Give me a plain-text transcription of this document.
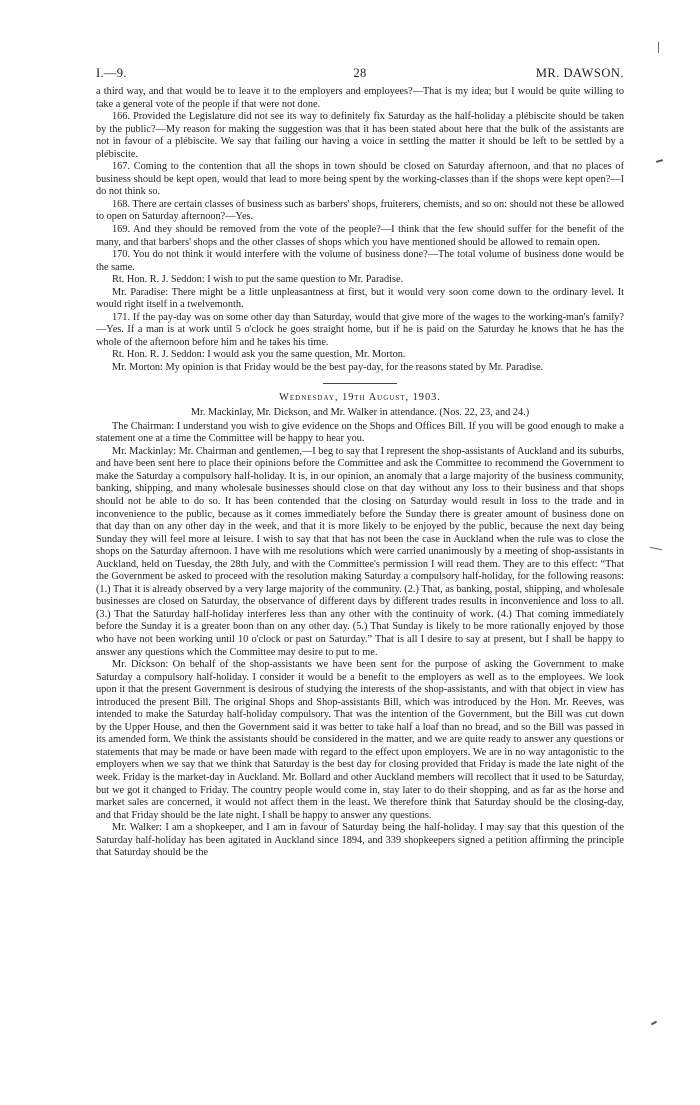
I.—9.	28	MR. DAWSON.

a third way, and that would be to leave it to the employers and employees?—That is my idea; but I would be quite willing to take a general vote of the people if that were not done.

166. Provided the Legislature did not see its way to definitely fix Saturday as the half-holiday a plébiscite should be taken by the public?—My reason for making the suggestion was that it has been stated about here that the bulk of the assistants are not in favour of a plébiscite. We say that failing our having a voice in settling the matter it should be left to be settled by a plébiscite.

167. Coming to the contention that all the shops in town should be closed on Saturday afternoon, and that no places of business should be kept open, would that lead to more being spent by the working-classes than if the shops were kept open?—I do not think so.

168. There are certain classes of business such as barbers' shops, fruiterers, chemists, and so on: should not these be allowed to open on Saturday afternoon?—Yes.

169. And they should be removed from the vote of the people?—I think that the few should suffer for the benefit of the many, and that barbers' shops and the other classes of shops which you have mentioned should be allowed to remain open.

170. You do not think it would interfere with the volume of business done?—The total volume of business done would be the same.

Rt. Hon. R. J. Seddon: I wish to put the same question to Mr. Paradise.

Mr. Paradise: There might be a little unpleasantness at first, but it would very soon come down to the ordinary level. It would right itself in a twelvemonth.

171. If the pay-day was on some other day than Saturday, would that give more of the wages to the working-man's family?—Yes. If a man is at work until 5 o'clock he goes straight home, but if he is paid on the Saturday he knows that he has the whole of the afternoon before him and he takes his time.

Rt. Hon. R. J. Seddon: I would ask you the same question, Mr. Morton.

Mr. Morton: My opinion is that Friday would be the best pay-day, for the reasons stated by Mr. Paradise.

Wednesday, 19th August, 1903.

Mr. Mackinlay, Mr. Dickson, and Mr. Walker in attendance. (Nos. 22, 23, and 24.)

The Chairman: I understand you wish to give evidence on the Shops and Offices Bill. If you will be good enough to make a statement one at a time the Committee will be happy to hear you.

Mr. Mackinlay: Mr. Chairman and gentlemen,—I beg to say that I represent the shop-assistants of Auckland and its suburbs, and have been sent here to place their opinions before the Committee and ask the Committee to recommend the Government to make the Saturday a compulsory half-holiday. It is, in our opinion, an anomaly that a large majority of the business community, banking, shipping, and many wholesale businesses should close on that day without any loss to their business and that shops should not be able to do so. It has been contended that the closing on Saturday would result in loss to the trade and in inconvenience to the public, because as it comes immediately before the Sunday there is greater amount of business done on that day than on any other day in the week, and that it is more likely to be enjoyed by the public, because the next day being Sunday they will feel more at leisure. I wish to say that that has not been the case in Auckland when the rule was to close the shops on the Saturday afternoon. I have with me resolutions which were carried unanimously by a meeting of shop-assistants in Auckland, held on Tuesday, the 28th July, and with the Committee's permission I will read them. They are to this effect: “That the Government be asked to proceed with the resolution making Saturday a compulsory half-holiday, for the following reasons: (1.) That it is already observed by a very large majority of the community. (2.) That, as banking, postal, shipping, and wholesale businesses are closed on Saturday, the observance of different days by different trades results in inconvenience and loss to all. (3.) That the Saturday half-holiday interferes less than any other with the continuity of work. (4.) That coming immediately before the Sunday it is a greater boon than on any other day. (5.) That Sunday is likely to be more rationally enjoyed by those who have not been working until 10 o'clock or past on Saturday.” That is all I desire to say at present, but I shall be happy to answer any questions which the Committee may desire to put to me.

Mr. Dickson: On behalf of the shop-assistants we have been sent for the purpose of asking the Government to make Saturday a compulsory half-holiday. I consider it would be a benefit to the employers as well as to the employees. We look upon it that the present Government is desirous of studying the interests of the shop-assistants, and with that object in view has introduced the present Bill. The original Shops and Shop-assistants Bill, which was introduced by the Hon. Mr. Reeves, was intended to make the Saturday half-holiday compulsory. That was the intention of the Government, but the Bill was cut down by the Upper House, and then the Government said it was better to take half a loaf than no bread, and so the Bill was passed in its amended form. We think the assistants should be considered in the matter, and we are quite ready to answer any questions or statements that may be made or have been made with regard to the effect upon employers. We are in no way antagonistic to the employers when we say that we think that Saturday is the best day for closing provided that Friday is made the late night of the week. Friday is the market-day in Auckland. Mr. Bollard and other Auckland members will recollect that it used to be Saturday, but we got it changed to Friday. The country people would come in, stay later to do their shopping, and as far as the horse and market sales are concerned, it would not affect them in the least. We therefore think that Saturday should be the closing-day, and that Friday should be the late night. I shall be happy to answer any questions.

Mr. Walker: I am a shopkeeper, and I am in favour of Saturday being the half-holiday. I may say that this question of the Saturday half-holiday has been agitated in Auckland since 1894, and 339 shopkeepers signed a petition affirming the principle that Saturday should be the
